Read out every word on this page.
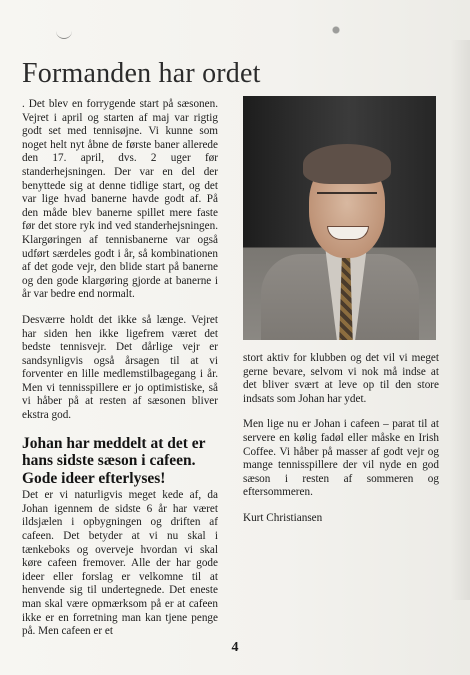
Formanden har ordet

. Det blev en forrygende start på sæsonen. Vejret i april og starten af maj var rigtig godt set med tennisøjne. Vi kunne som noget helt nyt åbne de første baner allerede den 17. april, dvs. 2 uger før standerhejsningen. Der var en del der benyttede sig at denne tidlige start, og det var lige hvad banerne havde godt af. På den måde blev banerne spillet mere faste før det store ryk ind ved standerhejsningen. Klargøringen af tennisbanerne var også udført særdeles godt i år, så kombinationen af det gode vejr, den blide start på banerne og den gode klargøring gjorde at banerne i år var bedre end normalt.

Desværre holdt det ikke så længe. Vejret har siden hen ikke ligefrem været det bedste tennisvejr. Det dårlige vejr er sandsynligvis også årsagen til at vi forventer en lille medlemstilbagegang i år. Men vi tennisspillere er jo optimistiske, så vi håber på at resten af sæsonen bliver ekstra god.

Johan har meddelt at det er hans sidste sæson i cafeen. Gode ideer efterlyses!

Det er vi naturligvis meget kede af, da Johan igennem de sidste 6 år har været ildsjælen i opbygningen og driften af cafeen. Det betyder at vi nu skal i tænkeboks og overveje hvordan vi skal køre cafeen fremover. Alle der har gode ideer eller forslag er velkomne til at henvende sig til undertegnede. Det eneste man skal være opmærksom på er at cafeen ikke er en forretning man kan tjene penge på. Men cafeen er et

stort aktiv for klubben og det vil vi meget gerne bevare, selvom vi nok må indse at det bliver svært at leve op til den store indsats som Johan har ydet.

Men lige nu er Johan i cafeen – parat til at servere en kølig fadøl eller måske en Irish Coffee. Vi håber på masser af godt vejr og mange tennisspillere der vil nyde en god sæson i resten af sommeren og eftersommeren.

Kurt Christiansen
4
